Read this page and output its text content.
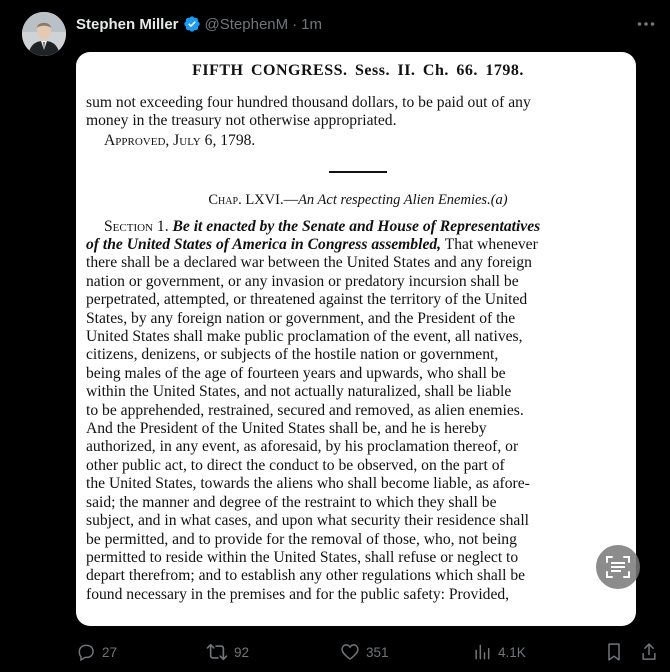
Stephen Miller @StephenM · 1m
FIFTH CONGRESS. Sess. II. Ch. 66. 1798.
sum not exceeding four hundred thousand dollars, to be paid out of any
money in the treasury not otherwise appropriated.
Approved, July 6, 1798.
Chap. LXVI.—An Act respecting Alien Enemies.(a)
Section 1. Be it enacted by the Senate and House of Representatives
of the United States of America in Congress assembled, That whenever
there shall be a declared war between the United States and any foreign
nation or government, or any invasion or predatory incursion shall be
perpetrated, attempted, or threatened against the territory of the United
States, by any foreign nation or government, and the President of the
United States shall make public proclamation of the event, all natives,
citizens, denizens, or subjects of the hostile nation or government,
being males of the age of fourteen years and upwards, who shall be
within the United States, and not actually naturalized, shall be liable
to be apprehended, restrained, secured and removed, as alien enemies.
And the President of the United States shall be, and he is hereby
authorized, in any event, as aforesaid, by his proclamation thereof, or
other public act, to direct the conduct to be observed, on the part of
the United States, towards the aliens who shall become liable, as afore-
said; the manner and degree of the restraint to which they shall be
subject, and in what cases, and upon what security their residence shall
be permitted, and to provide for the removal of those, who, not being
permitted to reside within the United States, shall refuse or neglect to
depart therefrom; and to establish any other regulations which shall be
found necessary in the premises and for the public safety: Provided,
27	92	351	4.1K
